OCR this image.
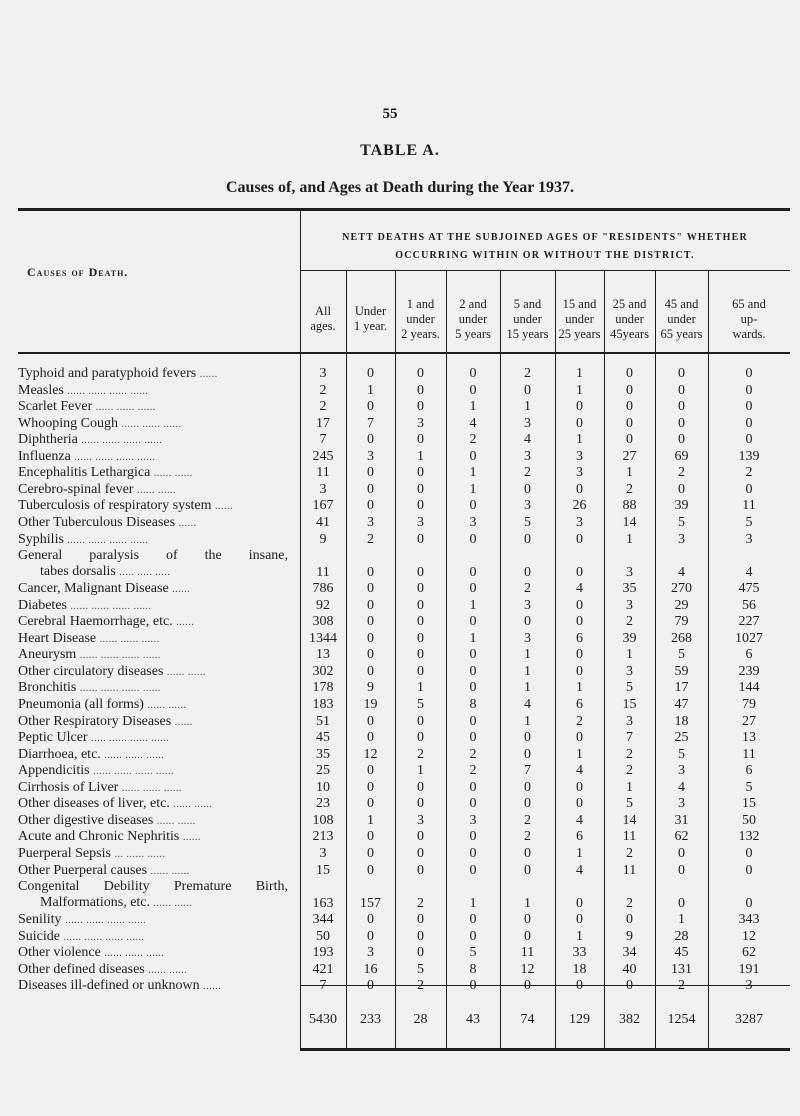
55
TABLE A.
Causes of, and Ages at Death during the Year 1937.
Causes of Death.
NETT DEATHS AT THE SUBJOINED AGES OF "RESIDENTS" WHETHER
OCCURRING WITHIN OR WITHOUT THE DISTRICT.
All
ages.
Under
1 year.
1 and
under
2 years.
2 and
under
5 years
5 and
under
15 years
15 and
under
25 years
25 and
under
45years
45 and
under
65 years
65 and
up-
wards.
Typhoid and paratyphoid fevers ......	3	0	0	0	2	1	0	0	0
Measles ...... ...... ...... ......	2	1	0	0	0	1	0	0	0
Scarlet Fever ...... ...... ......	2	0	0	1	1	0	0	0	0
Whooping Cough ...... ...... ......	17	7	3	4	3	0	0	0	0
Diphtheria ...... ...... ...... ......	7	0	0	2	4	1	0	0	0
Influenza ...... ...... ...... ......	245	3	1	0	3	3	27	69	139
Encephalitis Lethargica ...... ......	11	0	0	1	2	3	1	2	2
Cerebro-spinal fever ...... ......	3	0	0	1	0	0	2	0	0
Tuberculosis of respiratory system ......	167	0	0	0	3	26	88	39	11
Other Tuberculous Diseases ......	41	3	3	3	5	3	14	5	5
Syphilis ...... ...... ...... ......	9	2	0	0	0	0	1	3	3
General paralysis of the insane,
tabes dorsalis ..... ..... .....	11	0	0	0	0	0	3	4	4
Cancer, Malignant Disease ......	786	0	0	0	2	4	35	270	475
Diabetes ...... ...... ...... ......	92	0	0	1	3	0	3	29	56
Cerebral Haemorrhage, etc. ......	308	0	0	0	0	0	2	79	227
Heart Disease ...... ...... ......	1344	0	0	1	3	6	39	268	1027
Aneurysm ...... ...... ...... ......	13	0	0	0	1	0	1	5	6
Other circulatory diseases ...... ......	302	0	0	0	1	0	3	59	239
Bronchitis ...... ...... ...... ......	178	9	1	0	1	1	5	17	144
Pneumonia (all forms) ...... ......	183	19	5	8	4	6	15	47	79
Other Respiratory Diseases ......	51	0	0	0	1	2	3	18	27
Peptic Ulcer ..... ...... ...... ......	45	0	0	0	0	0	7	25	13
Diarrhoea, etc. ...... ...... ......	35	12	2	2	0	1	2	5	11
Appendicitis ...... ...... ...... ......	25	0	1	2	7	4	2	3	6
Cirrhosis of Liver ...... ...... ......	10	0	0	0	0	0	1	4	5
Other diseases of liver, etc. ...... ......	23	0	0	0	0	0	5	3	15
Other digestive diseases ...... ......	108	1	3	3	2	4	14	31	50
Acute and Chronic Nephritis ......	213	0	0	0	2	6	11	62	132
Puerperal Sepsis ... ...... ......	3	0	0	0	0	1	2	0	0
Other Puerperal causes ...... ......	15	0	0	0	0	4	11	0	0
Congenital Debility Premature Birth,
Malformations, etc. ...... ......	163	157	2	1	1	0	2	0	0
Senility ...... ...... ...... ......	344	0	0	0	0	0	0	1	343
Suicide ...... ...... ...... ......	50	0	0	0	0	1	9	28	12
Other violence ...... ...... ......	193	3	0	5	11	33	34	45	62
Other defined diseases ...... ......	421	16	5	8	12	18	40	131	191
Diseases ill-defined or unknown ......	7	0	2	0	0	0	0	2	3
5430	233	28	43	74	129	382	1254	3287
